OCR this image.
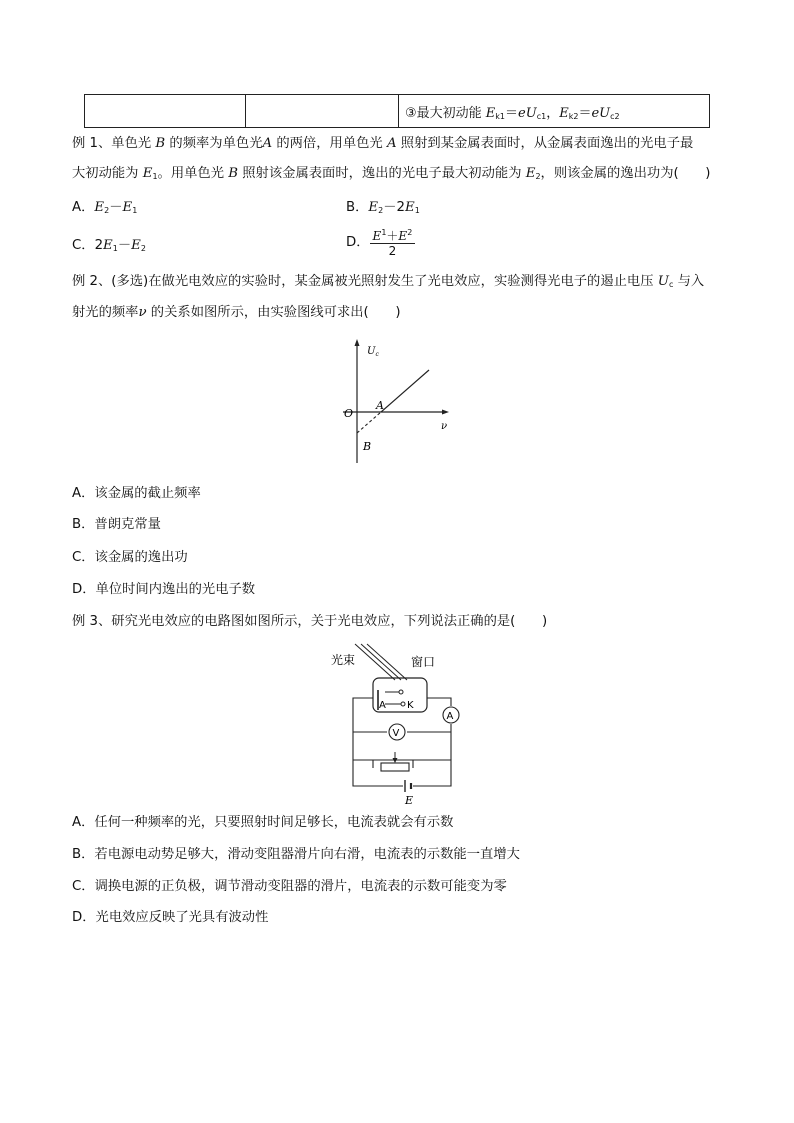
		③最大初动能 $E_{k1}=eU_{c1}$，$E_{k2}=eU_{c2}$
例 1、单色光 B 的频率为单色光A 的两倍，用单色光 A 照射到某金属表面时，从金属表面逸出的光电子最
大初动能为 $E_1$。用单色光 B 照射该金属表面时，逸出的光电子最大初动能为 $E_2$，则该金属的逸出功为(　　)
A．$E_2-E_1$	B．$E_2-2E_1$
C．$2E_1-E_2$	D． $\frac{E^1+E^2}{2}$
例 2、(多选)在做光电效应的实验时，某金属被光照射发生了光电效应，实验测得光电子的遏止电压 $U_c$ 与入
射光的频率ν 的关系如图所示，由实验图线可求出(　　)
$U_c$
ν
O
A
B
A．该金属的截止频率
B．普朗克常量
C．该金属的逸出功
D．单位时间内逸出的光电子数
例 3、研究光电效应的电路图如图所示，关于光电效应，下列说法正确的是(　　)
光束	窗口
A K
A
V
E
A．任何一种频率的光，只要照射时间足够长，电流表就会有示数
B．若电源电动势足够大，滑动变阻器滑片向右滑，电流表的示数能一直增大
C．调换电源的正负极，调节滑动变阻器的滑片，电流表的示数可能变为零
D．光电效应反映了光具有波动性
